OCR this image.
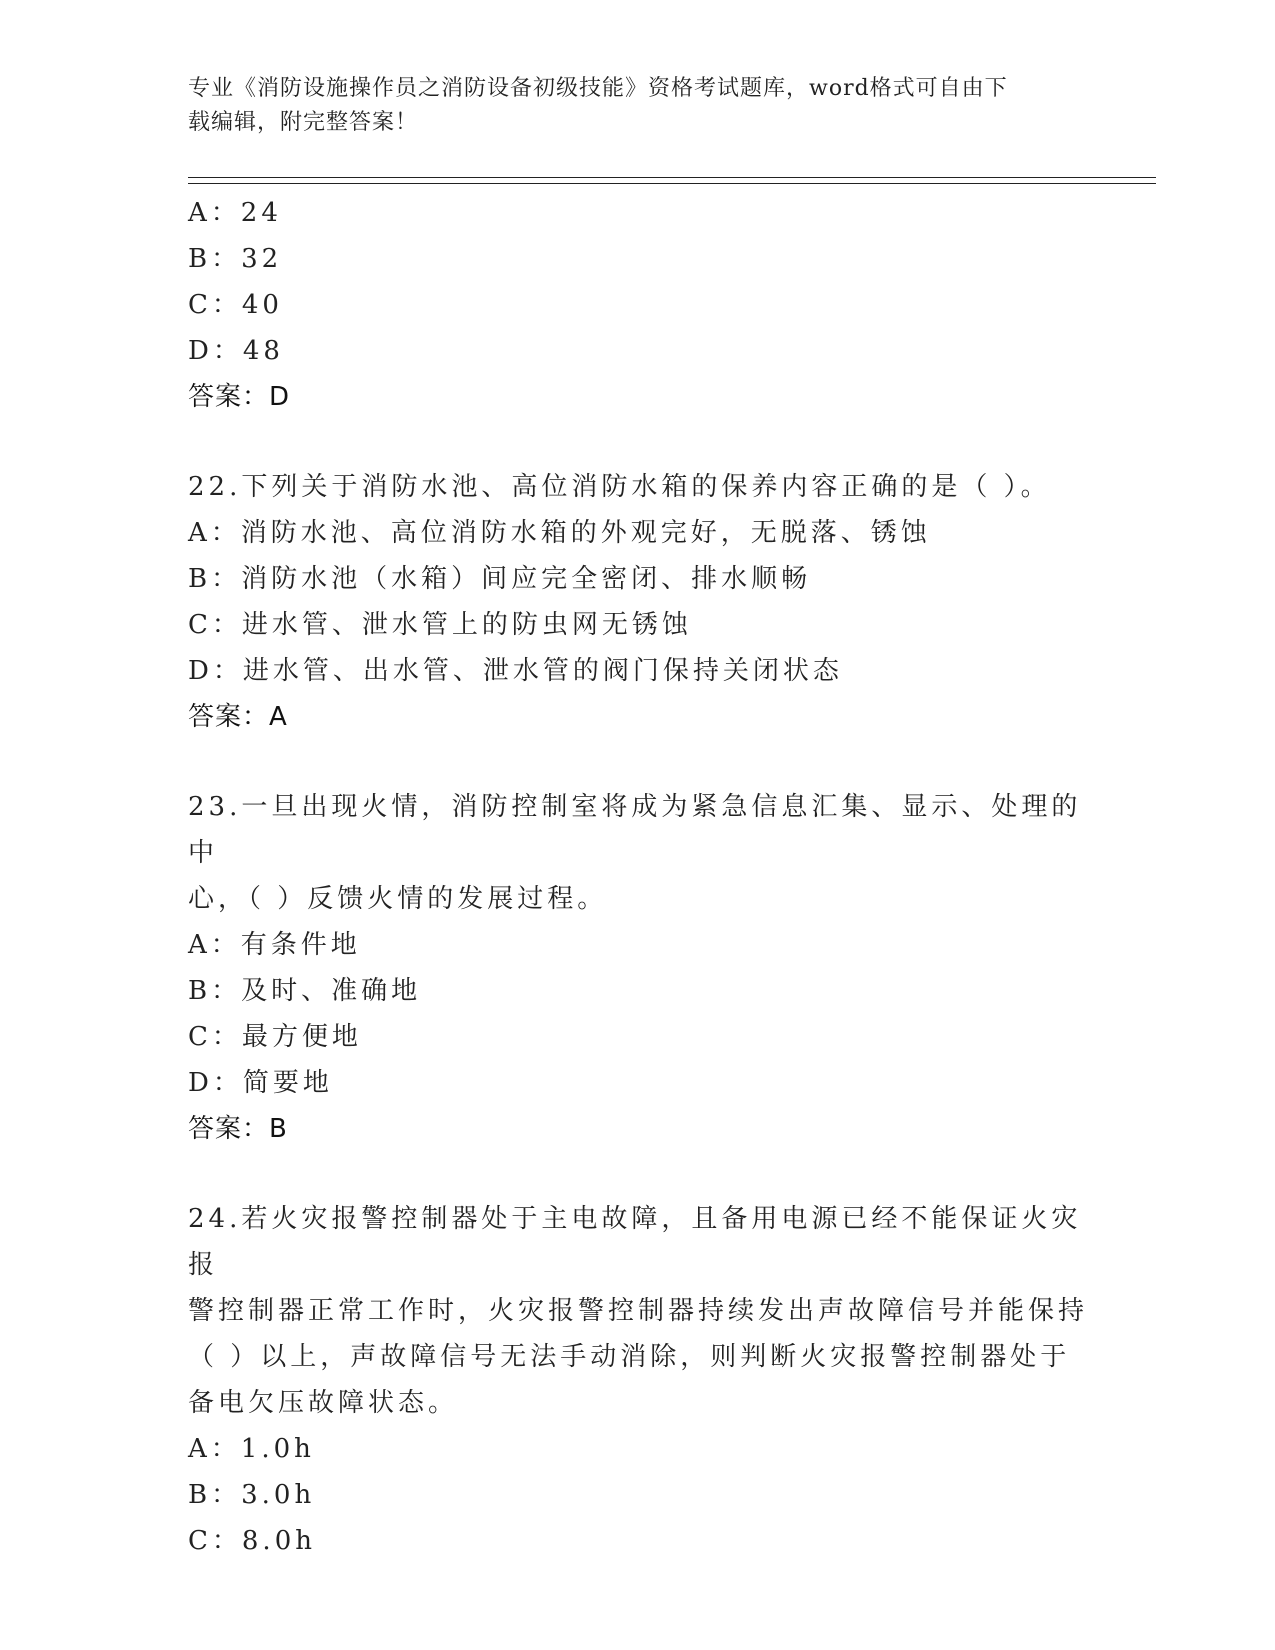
专业《消防设施操作员之消防设备初级技能》资格考试题库，word格式可自由下
载编辑，附完整答案！
A：24
B：32
C：40
D：48
答案：D
22.下列关于消防水池、高位消防水箱的保养内容正确的是（ ）。
A：消防水池、高位消防水箱的外观完好，无脱落、锈蚀
B：消防水池（水箱）间应完全密闭、排水顺畅
C：进水管、泄水管上的防虫网无锈蚀
D：进水管、出水管、泄水管的阀门保持关闭状态
答案：A
23.一旦出现火情，消防控制室将成为紧急信息汇集、显示、处理的中
心，（ ）反馈火情的发展过程。
A：有条件地
B：及时、准确地
C：最方便地
D：简要地
答案：B
24.若火灾报警控制器处于主电故障，且备用电源已经不能保证火灾报
警控制器正常工作时，火灾报警控制器持续发出声故障信号并能保持
（ ）以上，声故障信号无法手动消除，则判断火灾报警控制器处于
备电欠压故障状态。
A：1.0h
B：3.0h
C：8.0h
